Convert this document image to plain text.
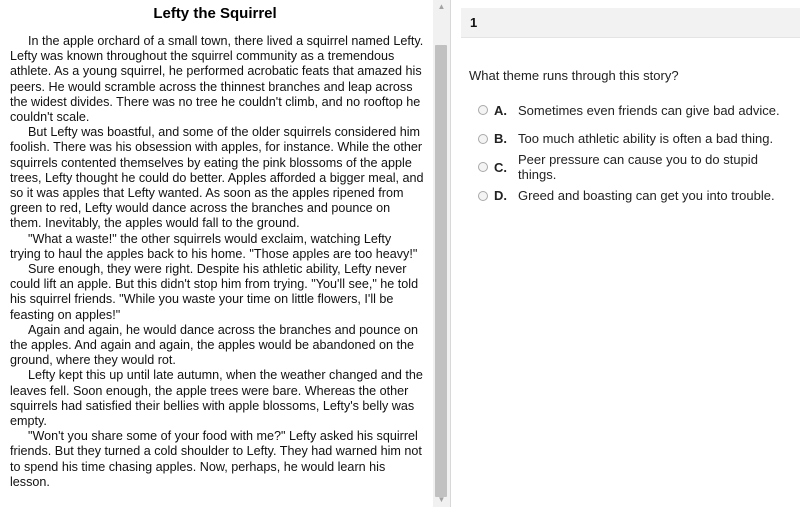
Lefty the Squirrel

In the apple orchard of a small town, there lived a squirrel named Lefty. Lefty was known throughout the squirrel community as a tremendous athlete. As a young squirrel, he performed acrobatic feats that amazed his peers. He would scramble across the thinnest branches and leap across the widest divides. There was no tree he couldn't climb, and no rooftop he couldn't scale.

But Lefty was boastful, and some of the older squirrels considered him foolish. There was his obsession with apples, for instance. While the other squirrels contented themselves by eating the pink blossoms of the apple trees, Lefty thought he could do better. Apples afforded a bigger meal, and so it was apples that Lefty wanted. As soon as the apples ripened from green to red, Lefty would dance across the branches and pounce on them. Inevitably, the apples would fall to the ground.

"What a waste!" the other squirrels would exclaim, watching Lefty trying to haul the apples back to his home. "Those apples are too heavy!"

Sure enough, they were right. Despite his athletic ability, Lefty never could lift an apple. But this didn't stop him from trying. "You'll see," he told his squirrel friends. "While you waste your time on little flowers, I'll be feasting on apples!"

Again and again, he would dance across the branches and pounce on the apples. And again and again, the apples would be abandoned on the ground, where they would rot.

Lefty kept this up until late autumn, when the weather changed and the leaves fell. Soon enough, the apple trees were bare. Whereas the other squirrels had satisfied their bellies with apple blossoms, Lefty's belly was empty.

"Won't you share some of your food with me?" Lefty asked his squirrel friends. But they turned a cold shoulder to Lefty. They had warned him not to spend his time chasing apples. Now, perhaps, he would learn his lesson.

▲
▼
1
What theme runs through this story?
A. Sometimes even friends can give bad advice.
B. Too much athletic ability is often a bad thing.
C. Peer pressure can cause you to do stupid things.
D. Greed and boasting can get you into trouble.
